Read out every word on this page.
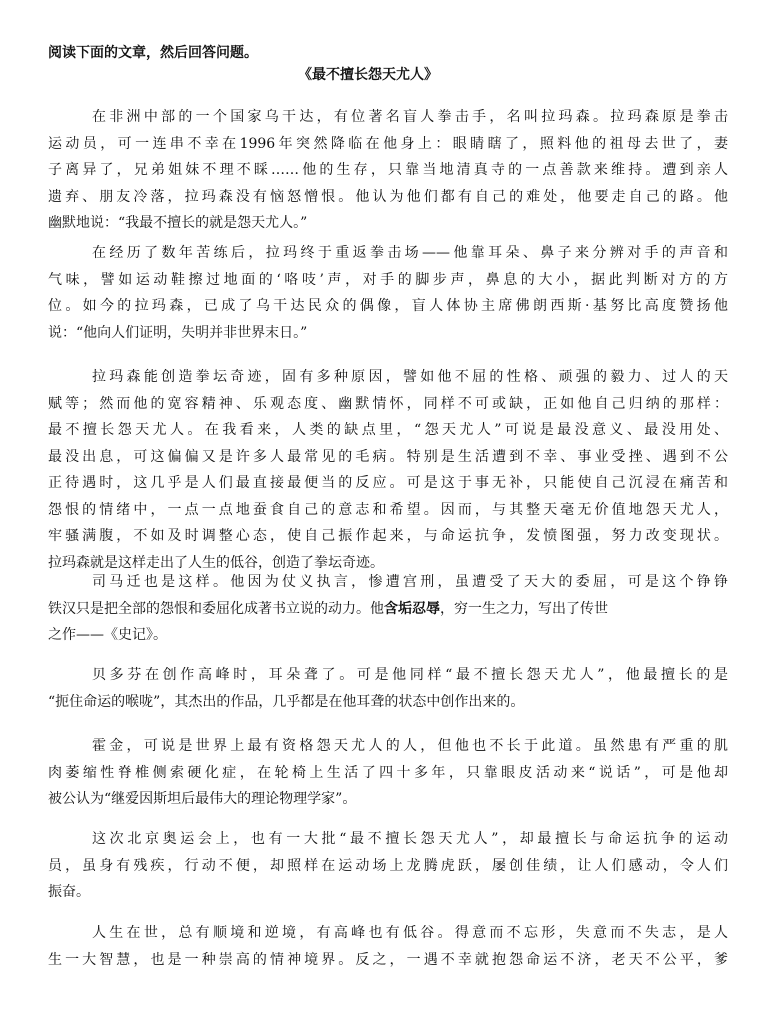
阅读下面的文章，然后回答问题。
《最不擅长怨天尤人》
在非洲中部的一个国家乌干达，有位著名盲人拳击手，名叫拉玛森。拉玛森原是拳击
运动员，可一连串不幸在1996年突然降临在他身上：眼睛瞎了，照料他的祖母去世了，妻
子离异了，兄弟姐妹不理不睬……他的生存，只靠当地清真寺的一点善款来维持。遭到亲人
遗弃、朋友冷落，拉玛森没有恼怒憎恨。他认为他们都有自己的难处，他要走自己的路。他
幽默地说：“我最不擅长的就是怨天尤人。”
在经历了数年苦练后，拉玛终于重返拳击场——他靠耳朵、鼻子来分辨对手的声音和
气味，譬如运动鞋擦过地面的‘咯吱’声，对手的脚步声，鼻息的大小，据此判断对方的方
位。如今的拉玛森，已成了乌干达民众的偶像，盲人体协主席佛朗西斯·基努比高度赞扬他
说：“他向人们证明，失明并非世界末日。”
拉玛森能创造拳坛奇迹，固有多种原因，譬如他不屈的性格、顽强的毅力、过人的天
赋等；然而他的宽容精神、乐观态度、幽默情怀，同样不可或缺，正如他自己归纳的那样：
最不擅长怨天尤人。在我看来，人类的缺点里，“怨天尤人”可说是最没意义、最没用处、
最没出息，可这偏偏又是许多人最常见的毛病。特别是生活遭到不幸、事业受挫、遇到不公
正待遇时，这几乎是人们最直接最便当的反应。可是这于事无补，只能使自己沉浸在痛苦和
怨恨的情绪中，一点一点地蚕食自己的意志和希望。因而，与其整天毫无价值地怨天尤人，
牢骚满腹，不如及时调整心态，使自己振作起来，与命运抗争，发愤图强，努力改变现状。
拉玛森就是这样走出了人生的低谷，创造了拳坛奇迹。
司马迁也是这样。他因为仗义执言，惨遭宫刑，虽遭受了天大的委屈，可是这个铮铮
铁汉只是把全部的怨恨和委屈化成著书立说的动力。他含垢忍辱，穷一生之力，写出了传世
之作——《史记》。
贝多芬在创作高峰时，耳朵聋了。可是他同样“最不擅长怨天尤人”，他最擅长的是
“扼住命运的喉咙”，其杰出的作品，几乎都是在他耳聋的状态中创作出来的。
霍金，可说是世界上最有资格怨天尤人的人，但他也不长于此道。虽然患有严重的肌
肉萎缩性脊椎侧索硬化症，在轮椅上生活了四十多年，只靠眼皮活动来“说话”，可是他却
被公认为“继爱因斯坦后最伟大的理论物理学家”。
这次北京奥运会上，也有一大批“最不擅长怨天尤人”，却最擅长与命运抗争的运动
员，虽身有残疾，行动不便，却照样在运动场上龙腾虎跃，屡创佳绩，让人们感动，令人们
振奋。
人生在世，总有顺境和逆境，有高峰也有低谷。得意而不忘形，失意而不失志，是人
生一大智慧，也是一种崇高的情神境界。反之，一遇不幸就抱怨命运不济，老天不公平，爹
